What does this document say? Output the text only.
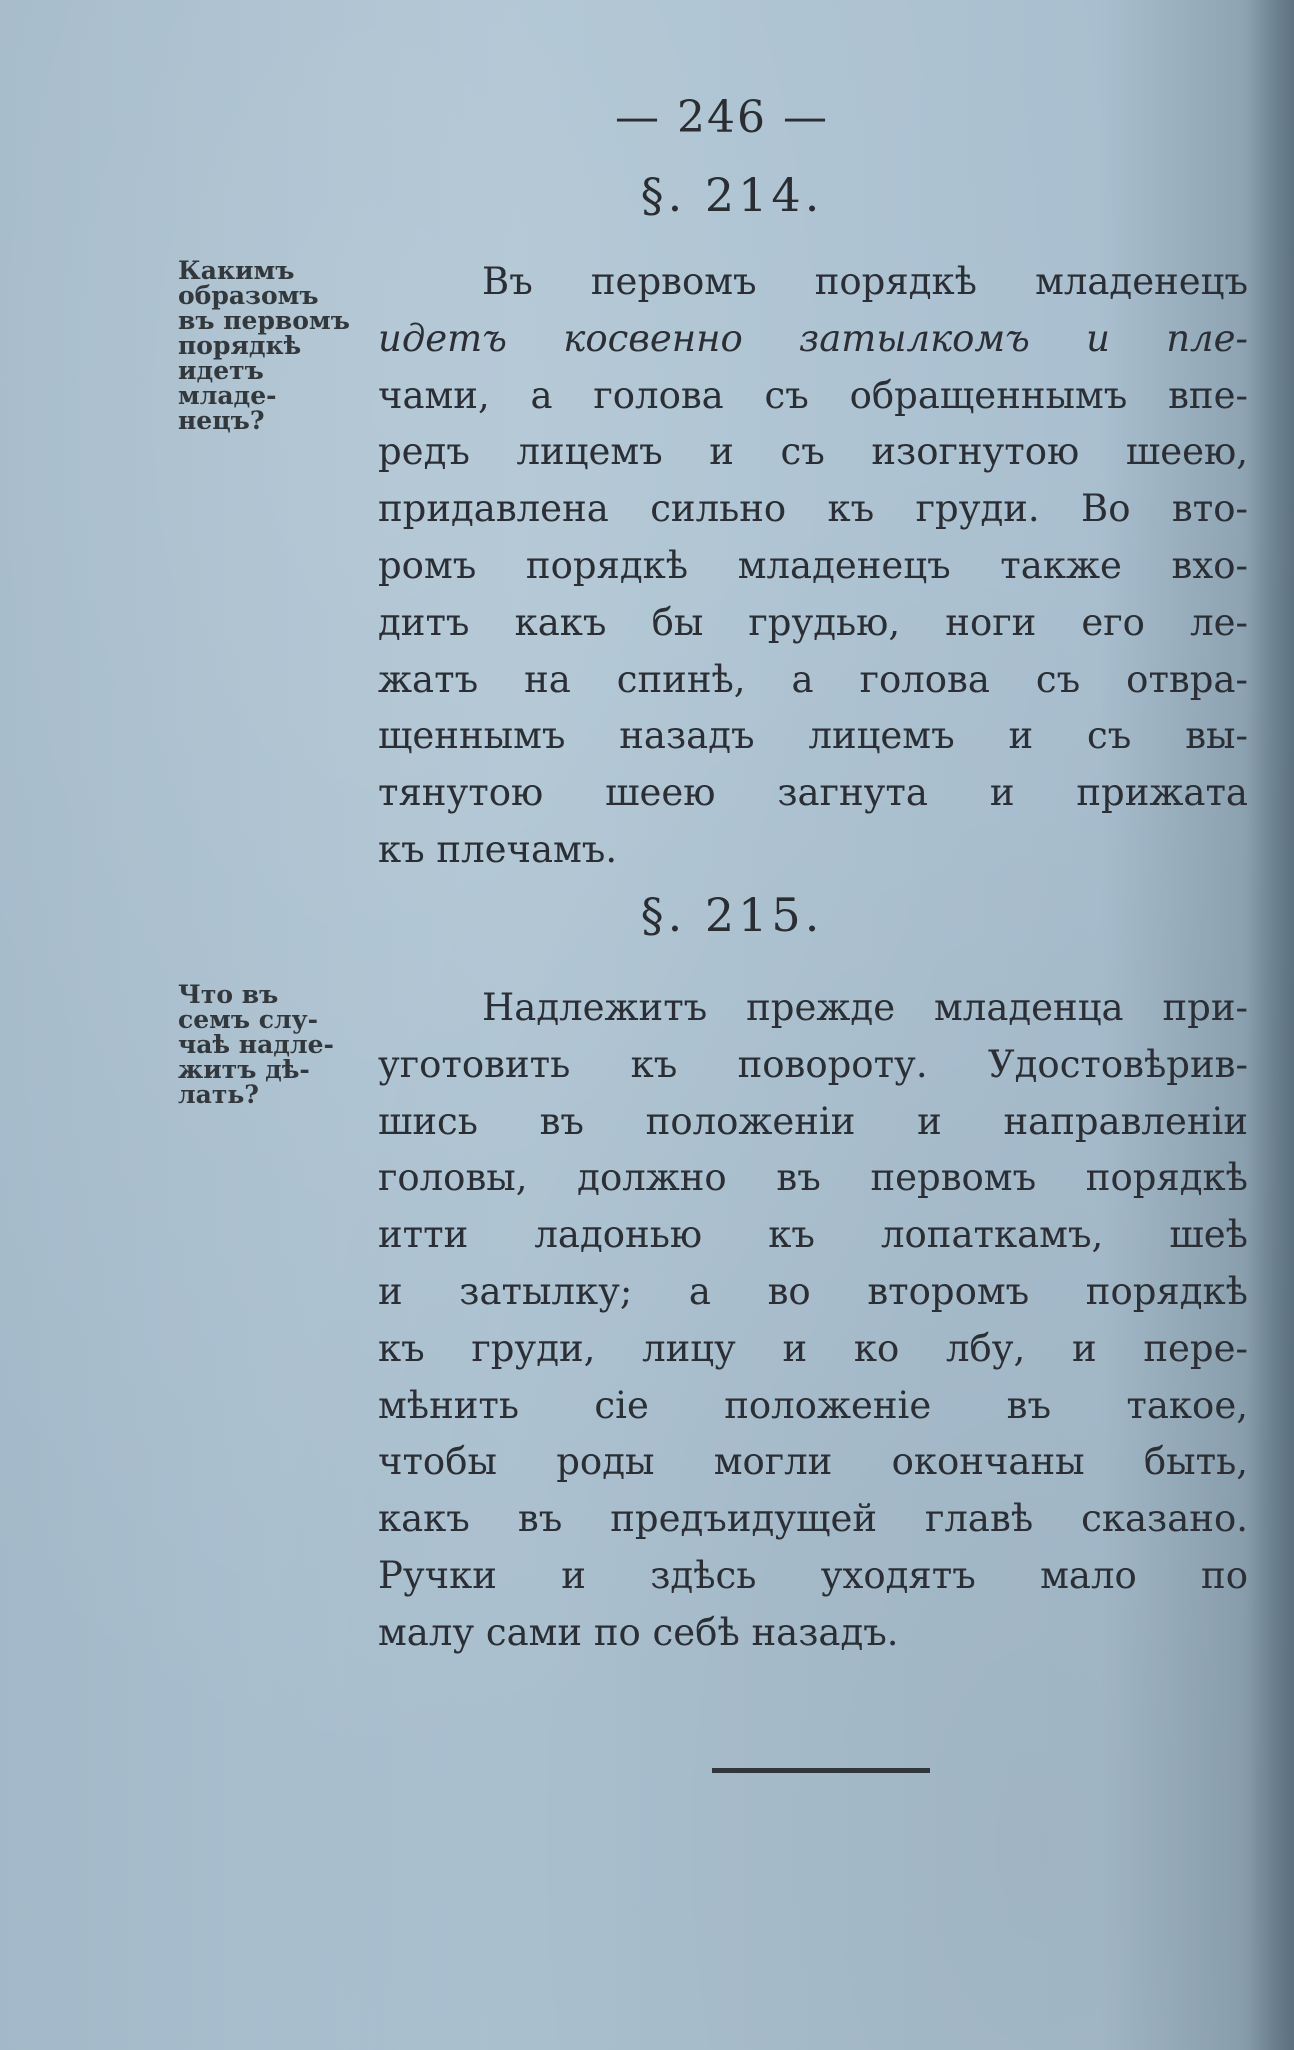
— 246 —
§. 214.
Какимъ
образомъ
въ первомъ
порядкѣ
идетъ
младе-
нецъ?
Въ первомъ порядкѣ младенецъ
идетъ косвенно затылкомъ и пле-
чами, а голова съ обращеннымъ впе-
редъ лицемъ и съ изогнутою шеею,
придавлена сильно къ груди. Во вто-
ромъ порядкѣ младенецъ также вхо-
дитъ какъ бы грудью, ноги его ле-
жатъ на спинѣ, а голова съ отвра-
щеннымъ назадъ лицемъ и съ вы-
тянутою шеею загнута и прижата
къ плечамъ.
§. 215.
Что въ
семъ слу-
чаѣ надле-
житъ дѣ-
лать?
Надлежитъ прежде младенца при-
уготовить къ повороту. Удостовѣрив-
шись въ положеніи и направленіи
головы, должно въ первомъ порядкѣ
итти ладонью къ лопаткамъ, шеѣ
и затылку; а во второмъ порядкѣ
къ груди, лицу и ко лбу, и пере-
мѣнить сіе положеніе въ такое,
чтобы роды могли окончаны быть,
какъ въ предъидущей главѣ сказано.
Ручки и здѣсь уходятъ мало по
малу сами по себѣ назадъ.
